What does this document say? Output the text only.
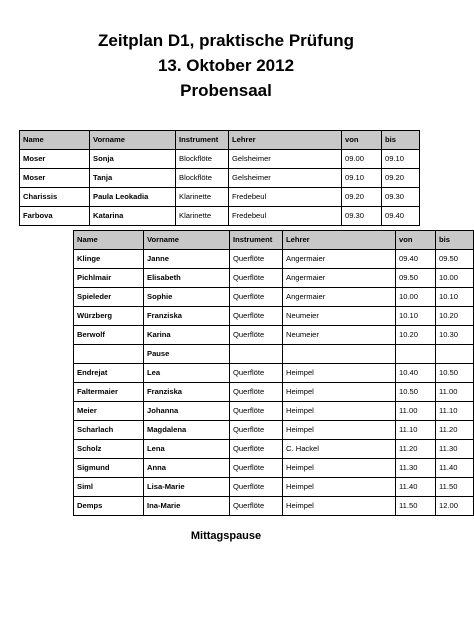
Zeitplan D1, praktische Prüfung
13. Oktober 2012
Probensaal
Name	Vorname	Instrument	Lehrer	von	bis
Moser	Sonja	Blockflöte	Gelsheimer	09.00	09.10
Moser	Tanja	Blockflöte	Gelsheimer	09.10	09.20
Charissis	Paula Leokadia	Klarinette	Fredebeul	09.20	09.30
Farbova	Katarina	Klarinette	Fredebeul	09.30	09.40
Name	Vorname	Instrument	Lehrer	von	bis
Klinge	Janne	Querflöte	Angermaier	09.40	09.50
Pichlmair	Elisabeth	Querflöte	Angermaier	09.50	10.00
Spieleder	Sophie	Querflöte	Angermaier	10.00	10.10
Würzberg	Franziska	Querflöte	Neumeier	10.10	10.20
Berwolf	Karina	Querflöte	Neumeier	10.20	10.30
	Pause				
Endrejat	Lea	Querflöte	Heimpel	10.40	10.50
Faltermaier	Franziska	Querflöte	Heimpel	10.50	11.00
Meier	Johanna	Querflöte	Heimpel	11.00	11.10
Scharlach	Magdalena	Querflöte	Heimpel	11.10	11.20
Scholz	Lena	Querflöte	C. Hackel	11.20	11.30
Sigmund	Anna	Querflöte	Heimpel	11.30	11.40
Siml	Lisa-Marie	Querflöte	Heimpel	11.40	11.50
Demps	Ina-Marie	Querflöte	Heimpel	11.50	12.00
Mittagspause
